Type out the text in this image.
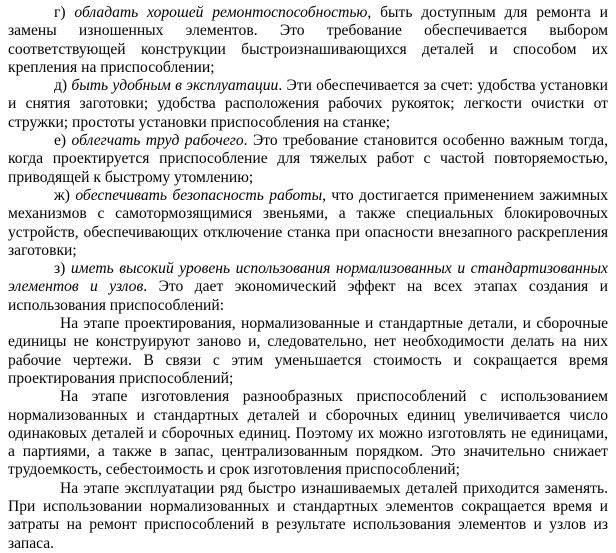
г) обладать хорошей ремонтоспособностью, быть доступным для ремонта и замены изношенных элементов. Это требование обеспечивается выбором соответствующей конструкции быстроизнашивающихся деталей и способом их крепления на приспособлении;

д) быть удобным в эксплуатации. Эти обеспечивается за счет: удобства установки и снятия заготовки; удобства расположения рабочих рукояток; легкости очистки от стружки; простоты установки приспособления на станке;

е) облегчать труд рабочего. Это требование становится особенно важным тогда, когда проектируется приспособление для тяжелых работ с частой повторяемостью, приводящей к быстрому утомлению;

ж) обеспечивать безопасность работы, что достигается применением зажимных механизмов с самотормозящимися звеньями, а также специальных блокировочных устройств, обеспечивающих отключение станка при опасности внезапного раскрепления заготовки;

з) иметь высокий уровень использования нормализованных и стандартизованных элементов и узлов. Это дает экономический эффект на всех этапах создания и использования приспособлений:

На этапе проектирования, нормализованные и стандартные детали, и сборочные единицы не конструируют заново и, следовательно, нет необходимости делать на них рабочие чертежи. В связи с этим уменьшается стоимость и сокращается время проектирования приспособлений;

На этапе изготовления разнообразных приспособлений с использованием нормализованных и стандартных деталей и сборочных единиц увеличивается число одинаковых деталей и сборочных единиц. Поэтому их можно изготовлять не единицами, а партиями, а также в запас, централизованным порядком. Это значительно снижает трудоемкость, себестоимость и срок изготовления приспособлений;

На этапе эксплуатации ряд быстро изнашиваемых деталей приходится заменять. При использовании нормализованных и стандартных элементов сокращается время и затраты на ремонт приспособлений в результате использования элементов и узлов из запаса.
